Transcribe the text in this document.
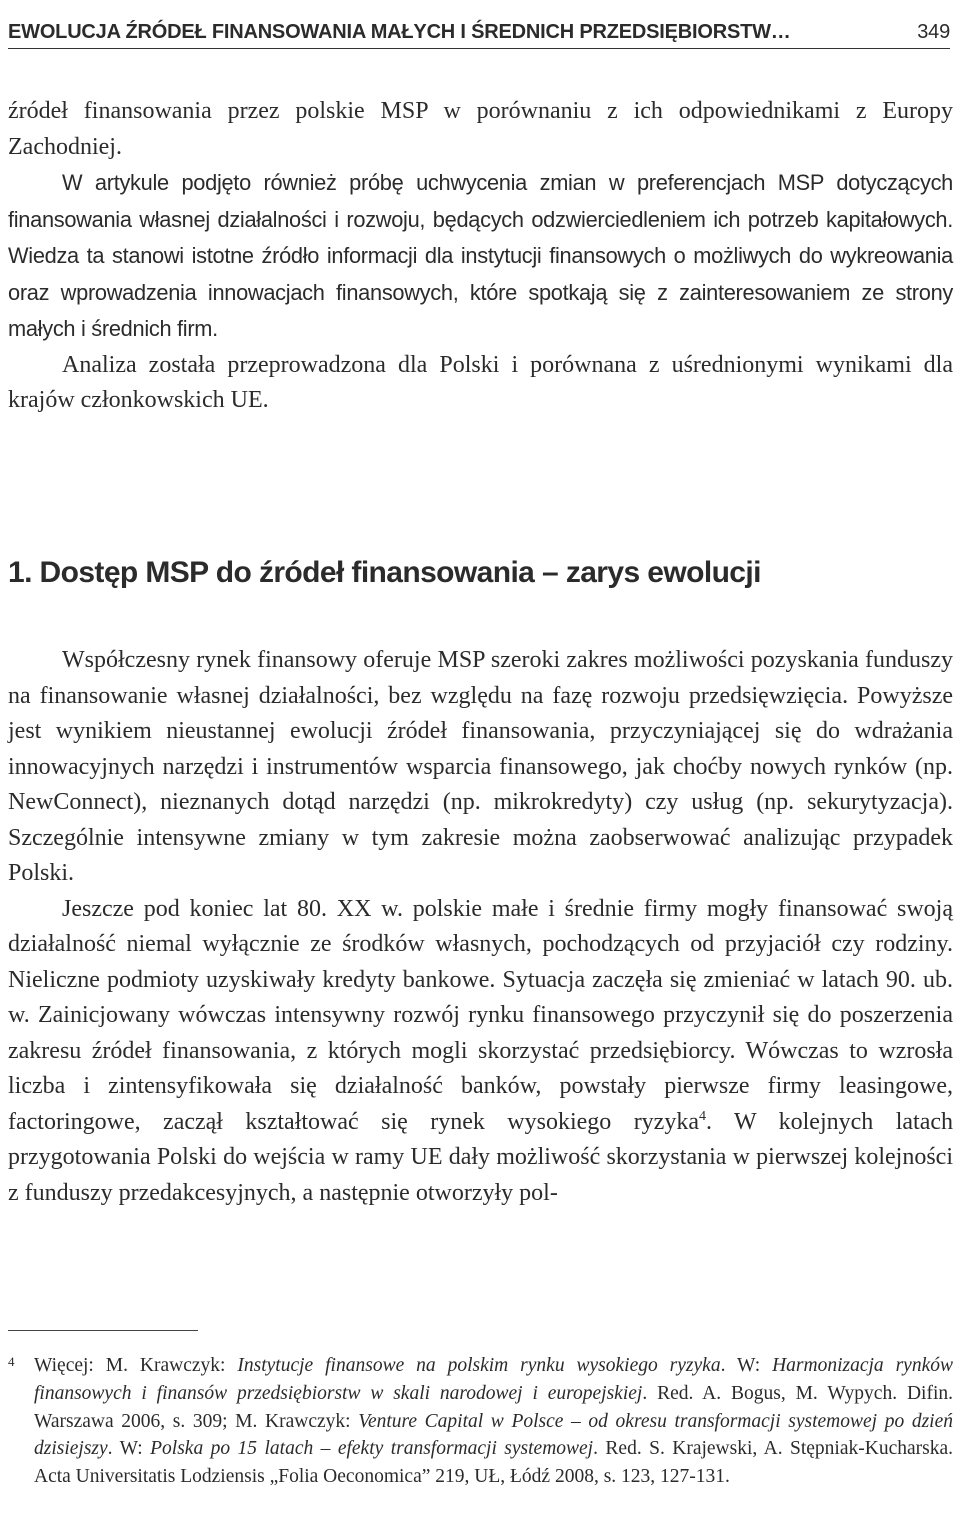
EWOLUCJA ŹRÓDEŁ FINANSOWANIA MAŁYCH I ŚREDNICH PRZEDSIĘBIORSTW…	349

źródeł finansowania przez polskie MSP w porównaniu z ich odpowiednikami z Europy Zachodniej.

W artykule podjęto również próbę uchwycenia zmian w preferencjach MSP dotyczących finansowania własnej działalności i rozwoju, będących odzwierciedleniem ich potrzeb kapitałowych. Wiedza ta stanowi istotne źródło informacji dla instytucji finansowych o możliwych do wykreowania oraz wprowadzenia innowacjach finansowych, które spotkają się z zainteresowaniem ze strony małych i średnich firm.

Analiza została przeprowadzona dla Polski i porównana z uśrednionymi wynikami dla krajów członkowskich UE.

1. Dostęp MSP do źródeł finansowania – zarys ewolucji

Współczesny rynek finansowy oferuje MSP szeroki zakres możliwości pozyskania funduszy na finansowanie własnej działalności, bez względu na fazę rozwoju przedsięwzięcia. Powyższe jest wynikiem nieustannej ewolucji źródeł finansowania, przyczyniającej się do wdrażania innowacyjnych narzędzi i instrumentów wsparcia finansowego, jak choćby nowych rynków (np. NewConnect), nieznanych dotąd narzędzi (np. mikrokredyty) czy usług (np. sekurytyzacja). Szczególnie intensywne zmiany w tym zakresie można zaobserwować analizując przypadek Polski.

Jeszcze pod koniec lat 80. XX w. polskie małe i średnie firmy mogły finansować swoją działalność niemal wyłącznie ze środków własnych, pochodzących od przyjaciół czy rodziny. Nieliczne podmioty uzyskiwały kredyty bankowe. Sytuacja zaczęła się zmieniać w latach 90. ub. w. Zainicjowany wówczas intensywny rozwój rynku finansowego przyczynił się do poszerzenia zakresu źródeł finansowania, z których mogli skorzystać przedsiębiorcy. Wówczas to wzrosła liczba i zintensyfikowała się działalność banków, powstały pierwsze firmy leasingowe, factoringowe, zaczął kształtować się rynek wysokiego ryzyka$^4$. W kolejnych latach przygotowania Polski do wejścia w ramy UE dały możliwość skorzystania w pierwszej kolejności z funduszy przedakcesyjnych, a następnie otworzyły pol-

4 Więcej: M. Krawczyk: Instytucje finansowe na polskim rynku wysokiego ryzyka. W: Harmonizacja rynków finansowych i finansów przedsiębiorstw w skali narodowej i europejskiej. Red. A. Bogus, M. Wypych. Difin. Warszawa 2006, s. 309; M. Krawczyk: Venture Capital w Polsce – od okresu transformacji systemowej po dzień dzisiejszy. W: Polska po 15 latach – efekty transformacji systemowej. Red. S. Krajewski, A. Stępniak-Kucharska. Acta Universitatis Lodziensis „Folia Oeconomica” 219, UŁ, Łódź 2008, s. 123, 127-131.
